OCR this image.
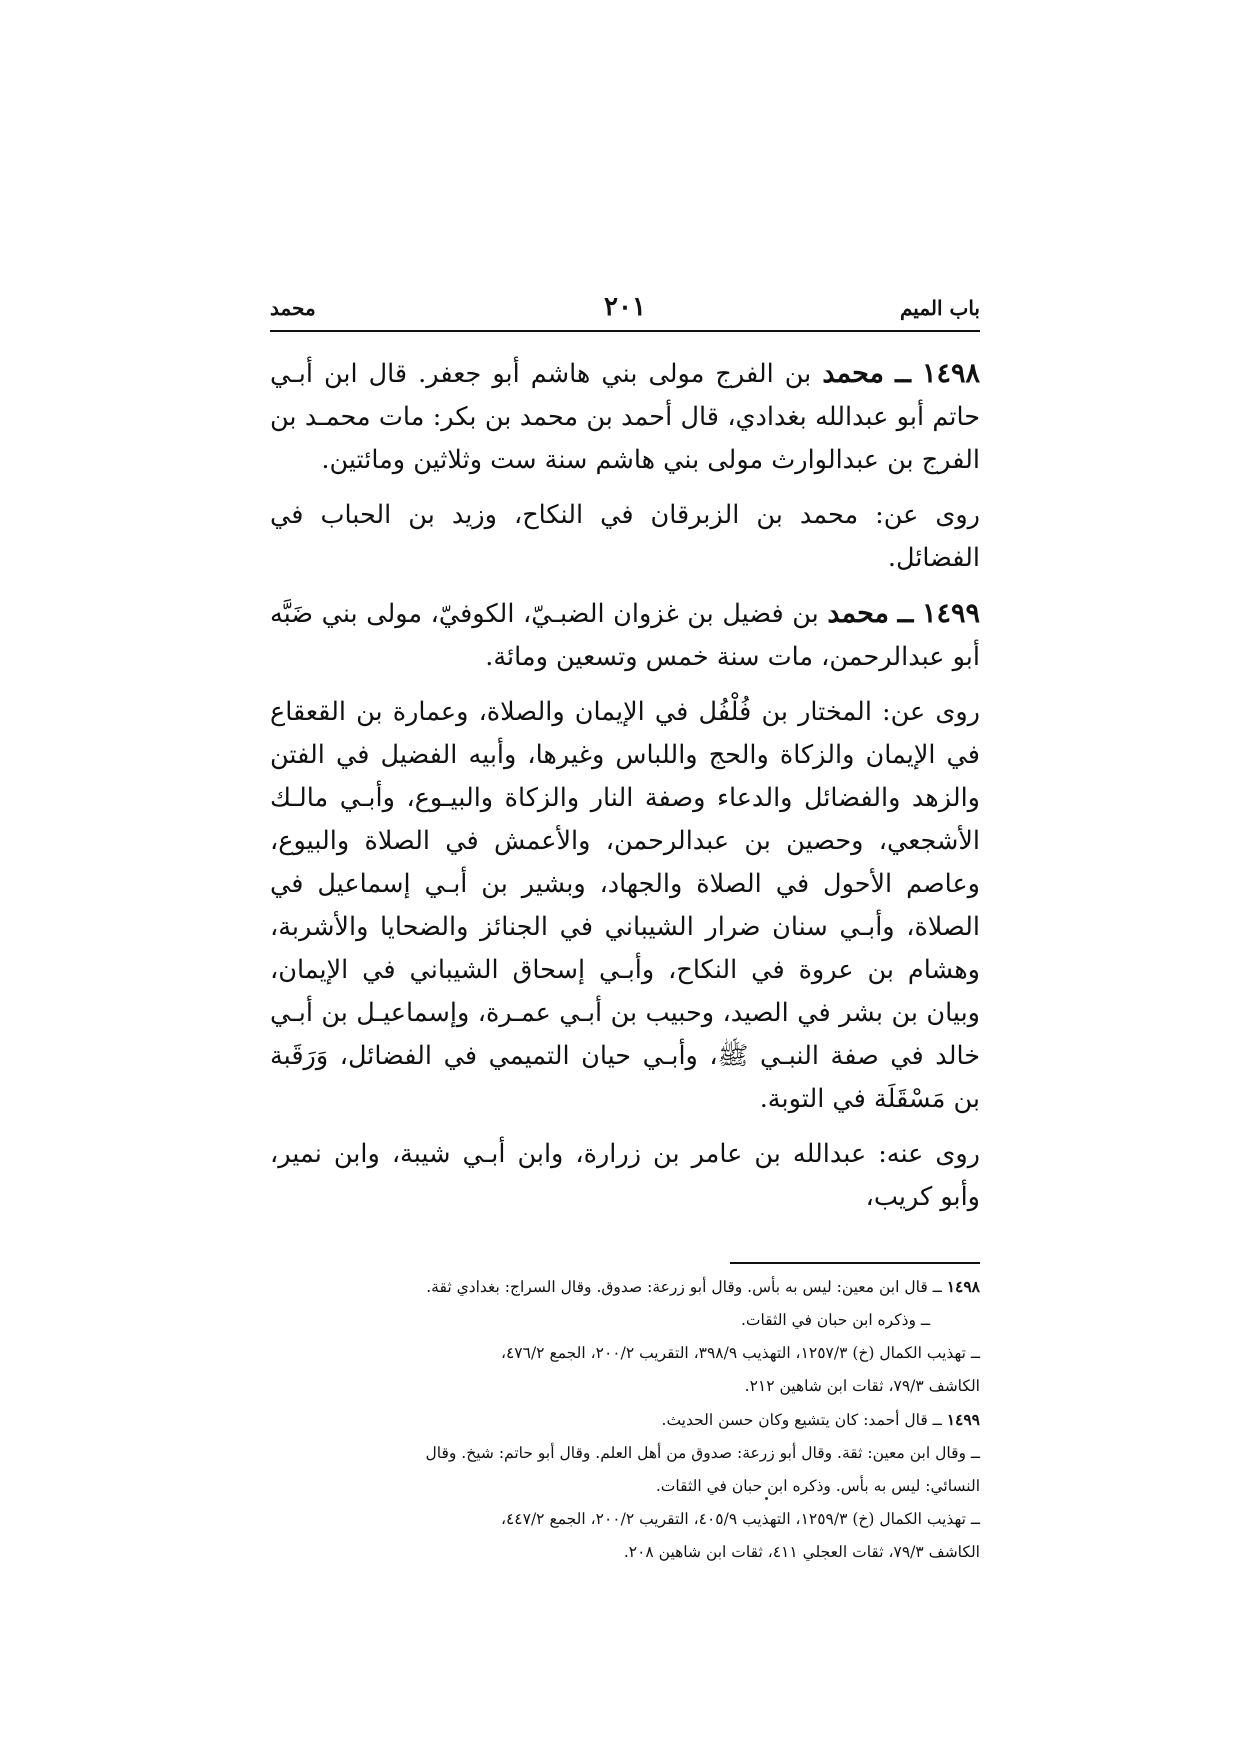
باب الميم
٢٠١
محمد

١٤٩٨ ــ محمد بن الفرج مولى بني هاشم أبو جعفر. قال ابن أبـي حاتم أبو عبدالله بغدادي، قال أحمد بن محمد بن بكر: مات محمـد بن الفرج بن عبدالوارث مولى بني هاشم سنة ست وثلاثين ومائتين.

روى عن: محمد بن الزبرقان في النكاح، وزيد بن الحباب في الفضائل.

١٤٩٩ ــ محمد بن فضيل بن غزوان الضبـيّ، الكوفيّ، مولى بني ضَبَّه أبو عبدالرحمن، مات سنة خمس وتسعين ومائة.

روى عن: المختار بن فُلْفُل في الإيمان والصلاة، وعمارة بن القعقاع في الإيمان والزكاة والحج واللباس وغيرها، وأبيه الفضيل في الفتن والزهد والفضائل والدعاء وصفة النار والزكاة والبيـوع، وأبـي مالـك الأشجعي، وحصين بن عبدالرحمن، والأعمش في الصلاة والبيوع، وعاصم الأحول في الصلاة والجهاد، وبشير بن أبـي إسماعيل في الصلاة، وأبـي سنان ضرار الشيباني في الجنائز والضحايا والأشربة، وهشام بن عروة في النكاح، وأبـي إسحاق الشيباني في الإيمان، وبيان بن بشر في الصيد، وحبيب بن أبـي عمـرة، وإسماعيـل بن أبـي خالد في صفة النبـي ﷺ، وأبـي حيان التميمي في الفضائل، وَرَقَبة بن مَسْقَلَة في التوبة.

روى عنه: عبدالله بن عامر بن زرارة، وابن أبـي شيبة، وابن نمير، وأبو كريب،

١٤٩٨ ــ قال ابن معين: ليس به بأس. وقال أبو زرعة: صدوق. وقال السراج: بغدادي ثقة.
ــ وذكره ابن حبان في الثقات.
ــ تهذيب الكمال (خ) ١٢٥٧/٣، التهذيب ٣٩٨/٩، التقريب ٢٠٠/٢، الجمع ٤٧٦/٢،
الكاشف ٧٩/٣، ثقات ابن شاهين ٢١٢.
١٤٩٩ ــ قال أحمد: كان يتشيع وكان حسن الحديث.
ــ وقال ابن معين: ثقة. وقال أبو زرعة: صدوق من أهل العلم. وقال أبو حاتم: شيخ. وقال
النسائي: ليس به بأس. وذكره ابن حبان في الثقات.
ــ تهذيب الكمال (خ) ١٢٥٩/٣، التهذيب ٤٠٥/٩، التقريب ٢٠٠/٢، الجمع ٤٤٧/٢،
الكاشف ٧٩/٣، ثقات العجلي ٤١١، ثقات ابن شاهين ٢٠٨.
